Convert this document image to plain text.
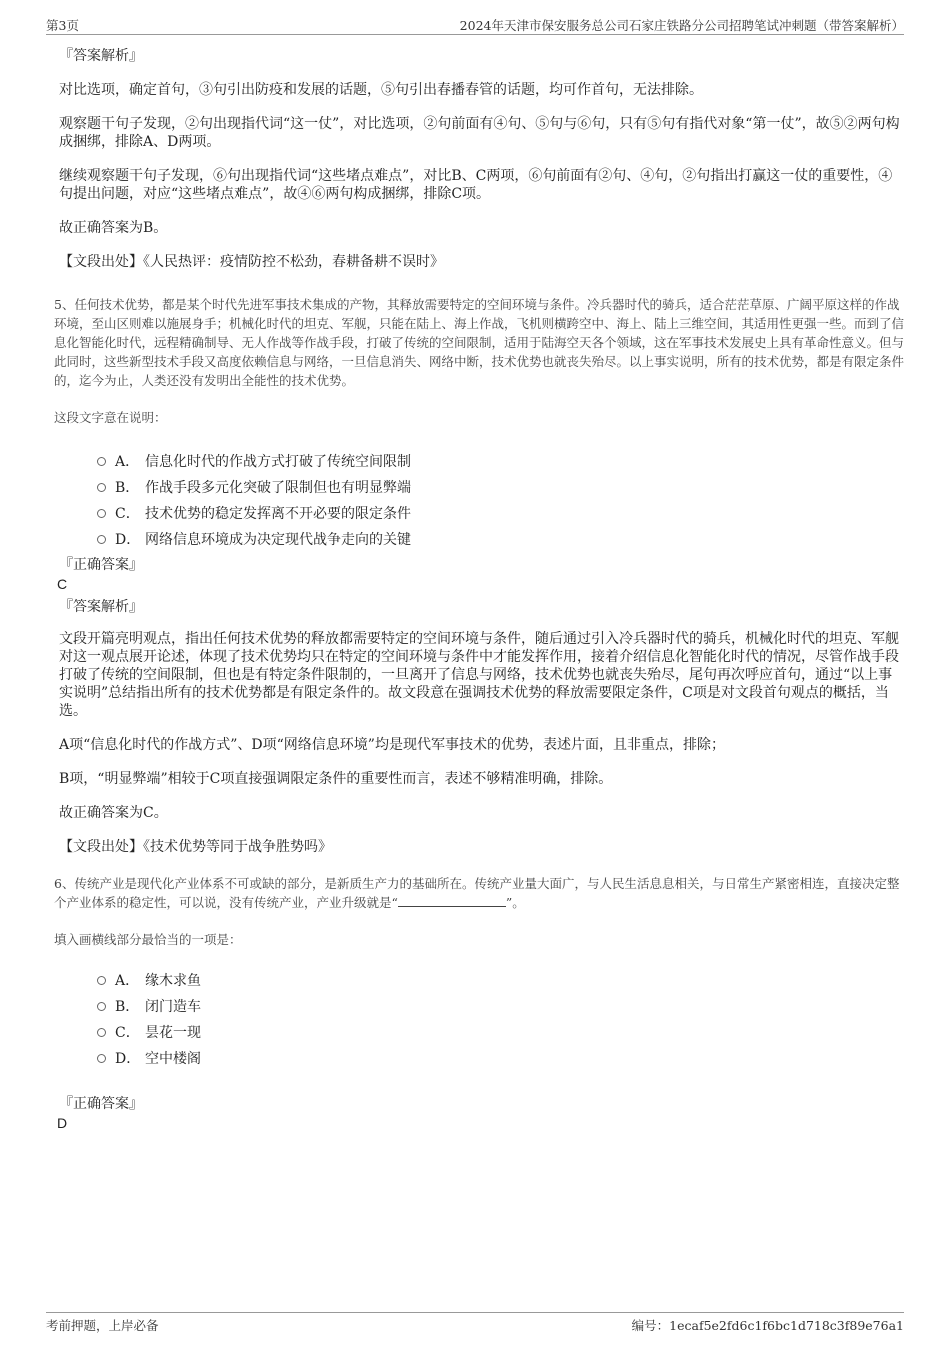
第3页	2024年天津市保安服务总公司石家庄铁路分公司招聘笔试冲刺题（带答案解析）

『答案解析』

对比选项，确定首句，③句引出防疫和发展的话题，⑤句引出春播春管的话题，均可作首句，无法排除。

观察题干句子发现，②句出现指代词“这一仗”，对比选项，②句前面有④句、⑤句与⑥句，只有⑤句有指代对象“第一仗”，故⑤②两句构成捆绑，排除A、D两项。

继续观察题干句子发现，⑥句出现指代词“这些堵点难点”，对比B、C两项，⑥句前面有②句、④句，②句指出打赢这一仗的重要性，④句提出问题，对应“这些堵点难点”，故④⑥两句构成捆绑，排除C项。

故正确答案为B。

【文段出处】《人民热评：疫情防控不松劲，春耕备耕不误时》

5、任何技术优势，都是某个时代先进军事技术集成的产物，其释放需要特定的空间环境与条件。冷兵器时代的骑兵，适合茫茫草原、广阔平原这样的作战环境，至山区则难以施展身手；机械化时代的坦克、军舰，只能在陆上、海上作战，飞机则横跨空中、海上、陆上三维空间，其适用性更强一些。而到了信息化智能化时代，远程精确制导、无人作战等作战手段，打破了传统的空间限制，适用于陆海空天各个领域，这在军事技术发展史上具有革命性意义。但与此同时，这些新型技术手段又高度依赖信息与网络，一旦信息消失、网络中断，技术优势也就丧失殆尽。以上事实说明，所有的技术优势，都是有限定条件的，迄今为止，人类还没有发明出全能性的技术优势。

这段文字意在说明：

A． 信息化时代的作战方式打破了传统空间限制
B． 作战手段多元化突破了限制但也有明显弊端
C． 技术优势的稳定发挥离不开必要的限定条件
D． 网络信息环境成为决定现代战争走向的关键

『正确答案』

C

『答案解析』

文段开篇亮明观点，指出任何技术优势的释放都需要特定的空间环境与条件，随后通过引入冷兵器时代的骑兵，机械化时代的坦克、军舰对这一观点展开论述，体现了技术优势均只在特定的空间环境与条件中才能发挥作用，接着介绍信息化智能化时代的情况，尽管作战手段打破了传统的空间限制，但也是有特定条件限制的，一旦离开了信息与网络，技术优势也就丧失殆尽，尾句再次呼应首句，通过“以上事实说明”总结指出所有的技术优势都是有限定条件的。故文段意在强调技术优势的释放需要限定条件，C项是对文段首句观点的概括，当选。

A项“信息化时代的作战方式”、D项“网络信息环境”均是现代军事技术的优势，表述片面，且非重点，排除；

B项，“明显弊端”相较于C项直接强调限定条件的重要性而言，表述不够精准明确，排除。

故正确答案为C。

【文段出处】《技术优势等同于战争胜势吗》

6、传统产业是现代化产业体系不可或缺的部分，是新质生产力的基础所在。传统产业量大面广，与人民生活息息相关，与日常生产紧密相连，直接决定整个产业体系的稳定性，可以说，没有传统产业，产业升级就是“	”。

填入画横线部分最恰当的一项是：

A． 缘木求鱼
B． 闭门造车
C． 昙花一现
D． 空中楼阁

『正确答案』

D

考前押题，上岸必备	编号：1ecaf5e2fd6c1f6bc1d718c3f89e76a1
